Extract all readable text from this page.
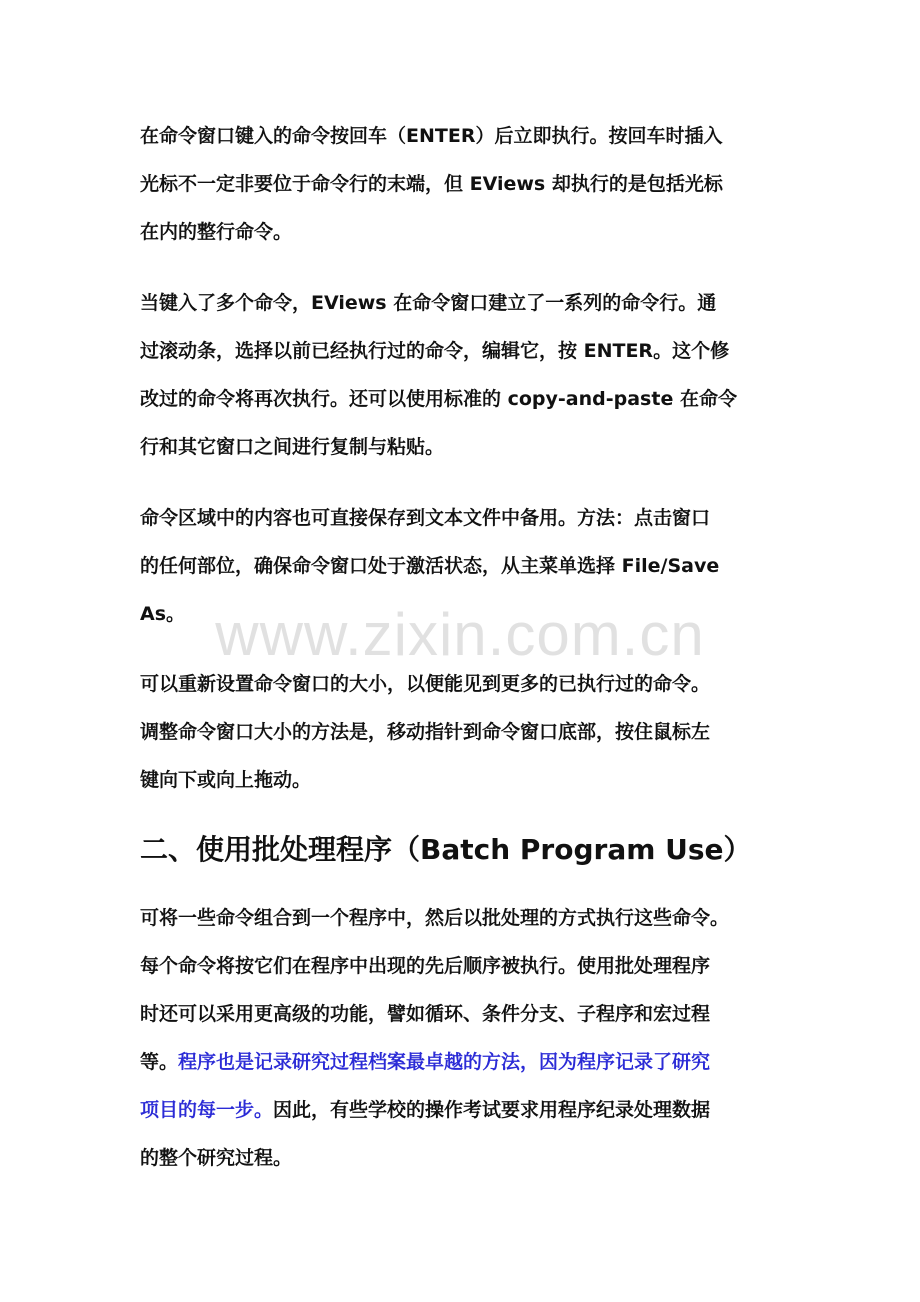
在命令窗口键入的命令按回车（ENTER）后立即执行。按回车时插入
光标不一定非要位于命令行的末端，但 EViews 却执行的是包括光标
在内的整行命令。

当键入了多个命令，EViews 在命令窗口建立了一系列的命令行。通
过滚动条，选择以前已经执行过的命令，编辑它，按 ENTER。这个修
改过的命令将再次执行。还可以使用标准的 copy-and-paste 在命令
行和其它窗口之间进行复制与粘贴。

命令区域中的内容也可直接保存到文本文件中备用。方法：点击窗口
的任何部位，确保命令窗口处于激活状态，从主菜单选择 File/Save
As。

可以重新设置命令窗口的大小，以便能见到更多的已执行过的命令。
调整命令窗口大小的方法是，移动指针到命令窗口底部，按住鼠标左
键向下或向上拖动。

二、使用批处理程序（Batch Program Use）

可将一些命令组合到一个程序中，然后以批处理的方式执行这些命令。
每个命令将按它们在程序中出现的先后顺序被执行。使用批处理程序
时还可以采用更高级的功能，譬如循环、条件分支、子程序和宏过程
等。程序也是记录研究过程档案最卓越的方法，因为程序记录了研究
项目的每一步。因此，有些学校的操作考试要求用程序纪录处理数据
的整个研究过程。

www.zixin.com.cn
